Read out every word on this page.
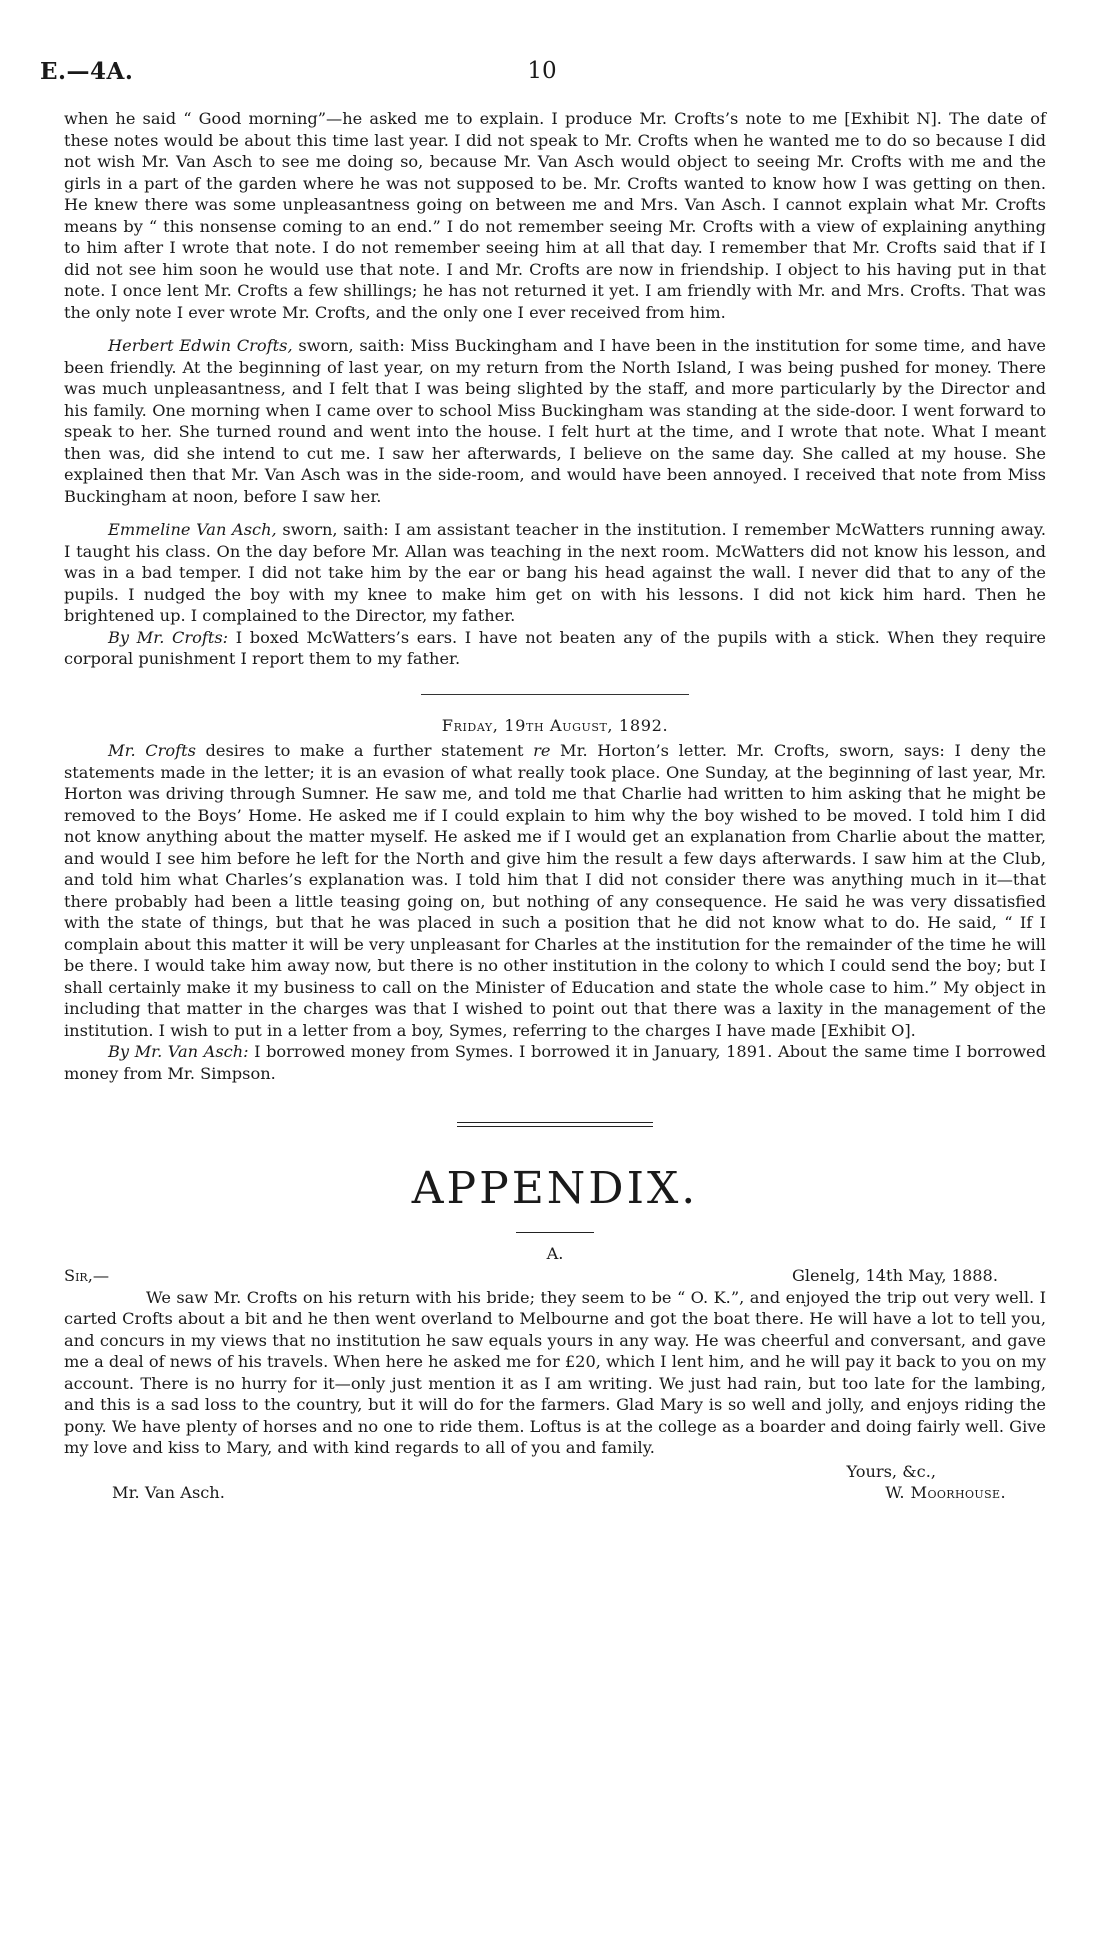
E.—4A.	10

when he said “ Good morning”—he asked me to explain. I produce Mr. Crofts’s note to me [Exhibit N]. The date of these notes would be about this time last year. I did not speak to Mr. Crofts when he wanted me to do so because I did not wish Mr. Van Asch to see me doing so, because Mr. Van Asch would object to seeing Mr. Crofts with me and the girls in a part of the garden where he was not supposed to be. Mr. Crofts wanted to know how I was getting on then. He knew there was some unpleasantness going on between me and Mrs. Van Asch. I cannot explain what Mr. Crofts means by “ this nonsense coming to an end.” I do not remember seeing Mr. Crofts with a view of explaining anything to him after I wrote that note. I do not remember seeing him at all that day. I remember that Mr. Crofts said that if I did not see him soon he would use that note. I and Mr. Crofts are now in friendship. I object to his having put in that note. I once lent Mr. Crofts a few shillings; he has not returned it yet. I am friendly with Mr. and Mrs. Crofts. That was the only note I ever wrote Mr. Crofts, and the only one I ever received from him.

Herbert Edwin Crofts, sworn, saith: Miss Buckingham and I have been in the institution for some time, and have been friendly. At the beginning of last year, on my return from the North Island, I was being pushed for money. There was much unpleasantness, and I felt that I was being slighted by the staff, and more particularly by the Director and his family. One morning when I came over to school Miss Buckingham was standing at the side-door. I went forward to speak to her. She turned round and went into the house. I felt hurt at the time, and I wrote that note. What I meant then was, did she intend to cut me. I saw her afterwards, I believe on the same day. She called at my house. She explained then that Mr. Van Asch was in the side-room, and would have been annoyed. I received that note from Miss Buckingham at noon, before I saw her.

Emmeline Van Asch, sworn, saith: I am assistant teacher in the institution. I remember McWatters running away. I taught his class. On the day before Mr. Allan was teaching in the next room. McWatters did not know his lesson, and was in a bad temper. I did not take him by the ear or bang his head against the wall. I never did that to any of the pupils. I nudged the boy with my knee to make him get on with his lessons. I did not kick him hard. Then he brightened up. I complained to the Director, my father.

By Mr. Crofts: I boxed McWatters’s ears. I have not beaten any of the pupils with a stick. When they require corporal punishment I report them to my father.

Friday, 19th August, 1892.

Mr. Crofts desires to make a further statement re Mr. Horton’s letter. Mr. Crofts, sworn, says: I deny the statements made in the letter; it is an evasion of what really took place. One Sunday, at the beginning of last year, Mr. Horton was driving through Sumner. He saw me, and told me that Charlie had written to him asking that he might be removed to the Boys’ Home. He asked me if I could explain to him why the boy wished to be moved. I told him I did not know anything about the matter myself. He asked me if I would get an explanation from Charlie about the matter, and would I see him before he left for the North and give him the result a few days afterwards. I saw him at the Club, and told him what Charles’s explanation was. I told him that I did not consider there was anything much in it—that there probably had been a little teasing going on, but nothing of any consequence. He said he was very dissatisfied with the state of things, but that he was placed in such a position that he did not know what to do. He said, “ If I complain about this matter it will be very unpleasant for Charles at the institution for the remainder of the time he will be there. I would take him away now, but there is no other institution in the colony to which I could send the boy; but I shall certainly make it my business to call on the Minister of Education and state the whole case to him.” My object in including that matter in the charges was that I wished to point out that there was a laxity in the management of the institution. I wish to put in a letter from a boy, Symes, referring to the charges I have made [Exhibit O].

By Mr. Van Asch: I borrowed money from Symes. I borrowed it in January, 1891. About the same time I borrowed money from Mr. Simpson.

APPENDIX.
A.
Sir,—	Glenelg, 14th May, 1888.

We saw Mr. Crofts on his return with his bride; they seem to be “ O. K.”, and enjoyed the trip out very well. I carted Crofts about a bit and he then went overland to Melbourne and got the boat there. He will have a lot to tell you, and concurs in my views that no institution he saw equals yours in any way. He was cheerful and conversant, and gave me a deal of news of his travels. When here he asked me for £20, which I lent him, and he will pay it back to you on my account. There is no hurry for it—only just mention it as I am writing. We just had rain, but too late for the lambing, and this is a sad loss to the country, but it will do for the farmers. Glad Mary is so well and jolly, and enjoys riding the pony. We have plenty of horses and no one to ride them. Loftus is at the college as a boarder and doing fairly well. Give my love and kiss to Mary, and with kind regards to all of you and family.

Yours, &c.,
Mr. Van Asch.	W. Moorhouse.
